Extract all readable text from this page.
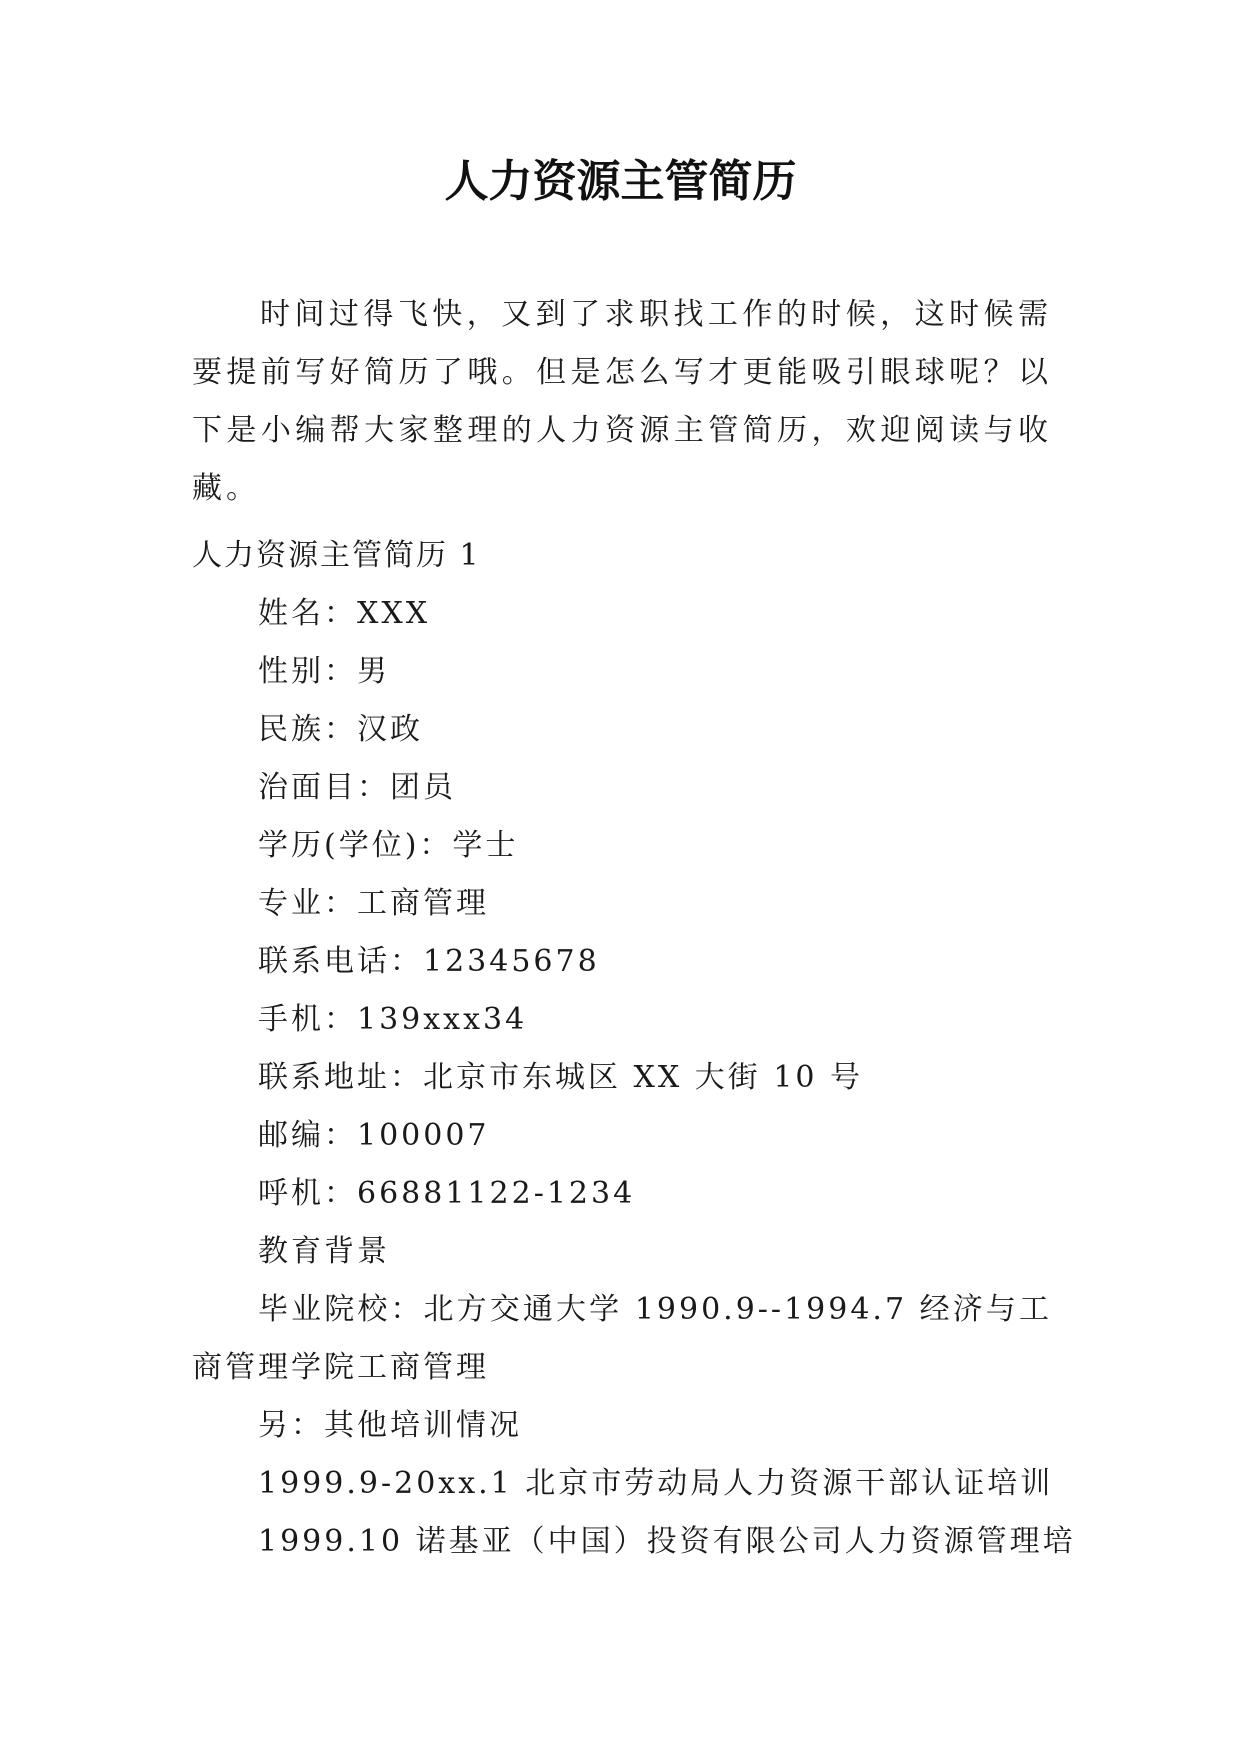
人力资源主管简历

时间过得飞快，又到了求职找工作的时候，这时候需要提前写好简历了哦。但是怎么写才更能吸引眼球呢？以下是小编帮大家整理的人力资源主管简历，欢迎阅读与收藏。

人力资源主管简历 1
姓名：XXX
性别：男
民族：汉政
治面目：团员
学历(学位)：学士
专业：工商管理
联系电话：12345678
手机：139xxx34
联系地址：北京市东城区 XX 大街 10 号
邮编：100007
呼机：66881122-1234
教育背景

毕业院校：北方交通大学 1990.9--1994.7 经济与工商管理学院工商管理

另：其他培训情况
1999.9-20xx.1 北京市劳动局人力资源干部认证培训
1999.10 诺基亚（中国）投资有限公司人力资源管理培
